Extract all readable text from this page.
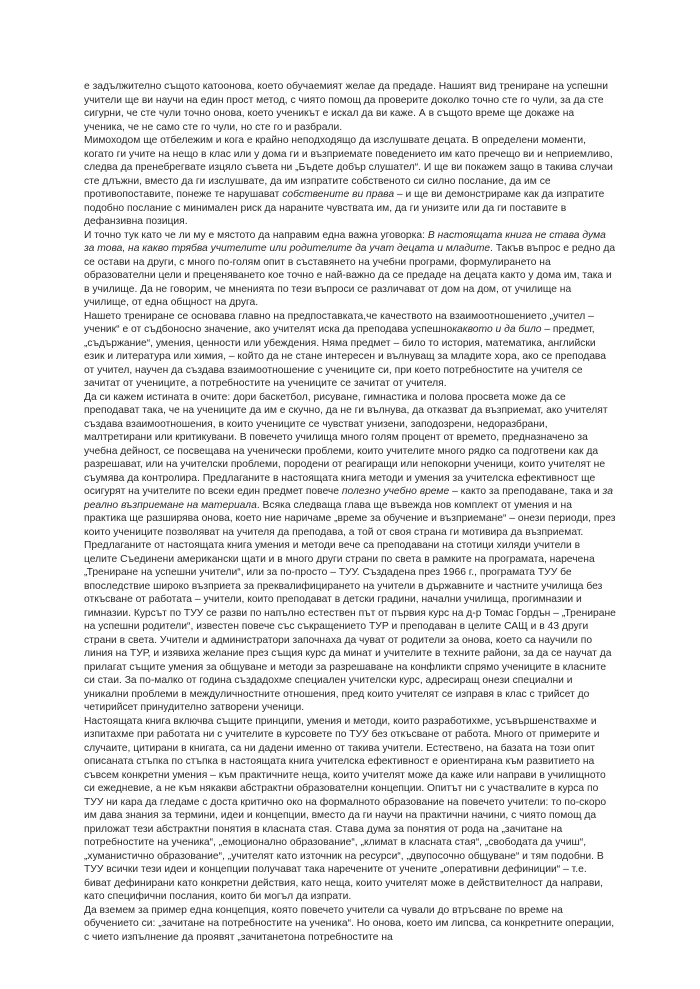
е задължително същото катоонова, което обучаемият желае да предаде. Нашият вид трениране на успешни учители ще ви научи на един прост метод, с чиято помощ да проверите доколко точно сте го чули, за да сте сигурни, че сте чули точно онова, което ученикът е искал да ви каже. А в същото време ще докаже на ученика, че не само сте го чули, но сте го и разбрали.

Мимоходом ще отбележим и кога е крайно неподходящо да изслушвате децата. В определени моменти, когато ги учите на нещо в клас или у дома ги и възприемате поведението им като пречещо ви и неприемливо, следва да пренебрегвате изцяло съвета ни „Бъдете добър слушател“. И ще ви покажем защо в такива случаи сте длъжни, вместо да ги изслушвате, да им изпратите собственото си силно послание, да им се противопоставите, понеже те нарушават собствените ви права – и ще ви демонстрираме как да изпратите подобно послание с минимален риск да нараните чувствата им, да ги унизите или да ги поставите в дефанзивна позиция.

И точно тук като че ли му е мястото да направим една важна уговорка: В настоящата книга не става дума за това, на какво трябва учителите или родителите да учат децата и младите. Такъв въпрос е редно да се остави на други, с много по-голям опит в съставянето на учебни програми, формулирането на образователни цели и преценяването кое точно е най-важно да се предаде на децата както у дома им, така и в училище. Да не говорим, че мненията по тези въпроси се различават от дом на дом, от училище на училище, от една общност на друга.

Нашето трениране се основава главно на предпоставката,че качеството на взаимоотношението „учител – ученик“ е от съдбоносно значение, ако учителят иска да преподава успешнокаквото и да било – предмет, „съдържание“, умения, ценности или убеждения. Няма предмет – било то история, математика, английски език и литература или химия, – който да не стане интересен и вълнуващ за младите хора, ако се преподава от учител, научен да създава взаимоотношение с учениците си, при което потребностите на учителя се зачитат от учениците, а потребностите на учениците се зачитат от учителя.

Да си кажем истината в очите: дори баскетбол, рисуване, гимнастика и полова просвета може да се преподават така, че на учениците да им е скучно, да не ги вълнува, да отказват да възприемат, ако учителят създава взаимоотношения, в които учениците се чувстват унизени, заподозрени, недоразбрани, малтретирани или критикувани. В повечето училища много голям процент от времето, предназначено за учебна дейност, се посвещава на ученически проблеми, които учителите много рядко са подготвени как да разрешават, или на учителски проблеми, породени от реагиращи или непокорни ученици, които учителят не съумява да контролира. Предлаганите в настоящата книга методи и умения за учителска ефективност ще осигурят на учителите по всеки един предмет повече полезно учебно време – както за преподаване, така и за реално възприемане на материала. Всяка следваща глава ще въвежда нов комплект от умения и на практика ще разширява онова, което ние наричаме „време за обучение и възприемане“ – онези периоди, през които учениците позволяват на учителя да преподава, а той от своя страна ги мотивира да възприемат.

Предлаганите от настоящата книга умения и методи вече са преподавани на стотици хиляди учители в целите Съединени американски щати и в много други страни по света в рамките на програмата, наречена „Трениране на успешни учители“, или за по-просто – ТУУ. Създадена през 1966 г., програмата ТУУ бе впоследствие широко възприета за преквалифицирането на учители в държавните и частните училища без откъсване от работата – учители, които преподават в детски градини, начални училища, прогимназии и гимназии. Курсът по ТУУ се разви по напълно естествен път от първия курс на д-р Томас Гордън – „Трениране на успешни родители“, известен повече със съкращението ТУР и преподаван в целите САЩ и в 43 други страни в света. Учители и администратори започнаха да чуват от родители за онова, което са научили по линия на ТУР, и изявиха желание през същия курс да минат и учителите в техните райони, за да се научат да прилагат същите умения за общуване и методи за разрешаване на конфликти спрямо учениците в класните си стаи. За по-малко от година създадохме специален учителски курс, адресиращ онези специални и уникални проблеми в междуличностните отношения, пред които учителят се изправя в клас с трийсет до четирийсет принудително затворени ученици.

Настоящата книга включва същите принципи, умения и методи, които разработихме, усъвършенствахме и изпитахме при работата ни с учителите в курсовете по ТУУ без откъсване от работа. Много от примерите и случаите, цитирани в книгата, са ни дадени именно от такива учители. Естествено, на базата на този опит описаната стъпка по стъпка в настоящата книга учителска ефективност е ориентирана към развитието на съвсем конкретни умения – към практичните неща, които учителят може да каже или направи в училищното си ежедневие, а не към някакви абстрактни образователни концепции. Опитът ни с участвалите в курса по ТУУ ни кара да гледаме с доста критично око на формалното образование на повечето учители: то по-скоро им дава знания за термини, идеи и концепции, вместо да ги научи на практични начини, с чиято помощ да приложат тези абстрактни понятия в класната стая. Става дума за понятия от рода на „зачитане на потребностите на ученика“, „емоционално образование“, „климат в класната стая“, „свободата да учиш“, „хуманистично образование“, „учителят като източник на ресурси“, „двупосочно общуване“ и тям подобни. В ТУУ всички тези идеи и концепции получават така наречените от учените „оперативни дефиниции“ – т.е. биват дефинирани като конкретни действия, като неща, които учителят може в действителност да направи, като специфични послания, които би могъл да изпрати.

Да вземем за пример една концепция, която повечето учители са чували до втръсване по време на обучението си: „зачитане на потребностите на ученика“. Но онова, което им липсва, са конкретните операции, с чието изпълнение да проявят „зачитанетона потребностите на
